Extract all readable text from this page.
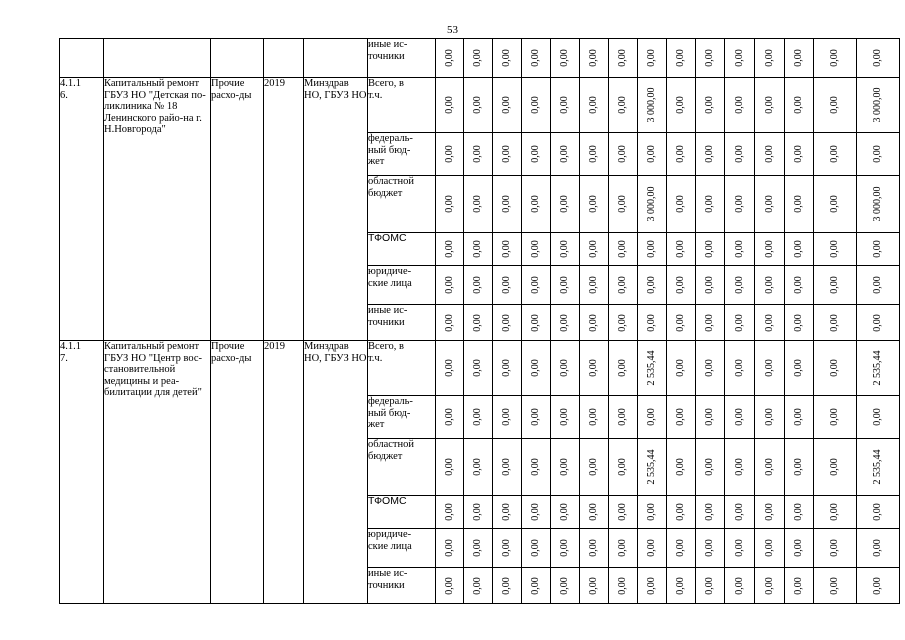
53
					иные ис-
точники	0,00	0,00	0,00	0,00	0,00	0,00	0,00	0,00	0,00	0,00	0,00	0,00	0,00	0,00	0,00

4.1.1
6.	Капитальный ремонт ГБУЗ НО "Детская по-ликлиника № 18 Ленинского райо-на г. Н.Новгорода"	Прочие расхо-ды	2019	Минздрав НО, ГБУЗ НО	Всего, в
т.ч.	0,00	0,00	0,00	0,00	0,00	0,00	0,00	3 000,00	0,00	0,00	0,00	0,00	0,00	0,00	3 000,00

					федераль-
ный бюд-
жет	0,00	0,00	0,00	0,00	0,00	0,00	0,00	0,00	0,00	0,00	0,00	0,00	0,00	0,00	0,00

					областной
бюджет	0,00	0,00	0,00	0,00	0,00	0,00	0,00	3 000,00	0,00	0,00	0,00	0,00	0,00	0,00	3 000,00

					ТФОМС	0,00	0,00	0,00	0,00	0,00	0,00	0,00	0,00	0,00	0,00	0,00	0,00	0,00	0,00	0,00

					юридиче-
ские лица	0,00	0,00	0,00	0,00	0,00	0,00	0,00	0,00	0,00	0,00	0,00	0,00	0,00	0,00	0,00

					иные ис-
точники	0,00	0,00	0,00	0,00	0,00	0,00	0,00	0,00	0,00	0,00	0,00	0,00	0,00	0,00	0,00

4.1.1
7.	Капитальный ремонт ГБУЗ НО "Центр вос-становительной медицины и реа-билитации для детей"	Прочие расхо-ды	2019	Минздрав НО, ГБУЗ НО	Всего, в
т.ч.	0,00	0,00	0,00	0,00	0,00	0,00	0,00	2 535,44	0,00	0,00	0,00	0,00	0,00	0,00	2 535,44

					федераль-
ный бюд-
жет	0,00	0,00	0,00	0,00	0,00	0,00	0,00	0,00	0,00	0,00	0,00	0,00	0,00	0,00	0,00

					областной
бюджет	0,00	0,00	0,00	0,00	0,00	0,00	0,00	2 535,44	0,00	0,00	0,00	0,00	0,00	0,00	2 535,44

					ТФОМС	0,00	0,00	0,00	0,00	0,00	0,00	0,00	0,00	0,00	0,00	0,00	0,00	0,00	0,00	0,00

					юридиче-
ские лица	0,00	0,00	0,00	0,00	0,00	0,00	0,00	0,00	0,00	0,00	0,00	0,00	0,00	0,00	0,00

					иные ис-
точники	0,00	0,00	0,00	0,00	0,00	0,00	0,00	0,00	0,00	0,00	0,00	0,00	0,00	0,00	0,00
